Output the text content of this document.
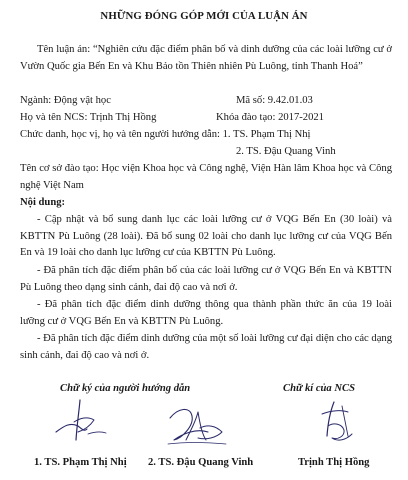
NHỮNG ĐÓNG GÓP MỚI CỦA LUẬN ÁN
Tên luận án: “Nghiên cứu đặc điểm phân bố và dinh dưỡng của các loài lưỡng cư ở Vườn Quốc gia Bến En và Khu Bảo tồn Thiên nhiên Pù Luông, tỉnh Thanh Hoá”
Ngành: Động vật học	Mã số: 9.42.01.03
Họ và tên NCS: Trịnh Thị Hồng	Khóa đào tạo: 2017-2021
Chức danh, học vị, họ và tên người hướng dẫn: 1. TS. Phạm Thị Nhị
2. TS. Đậu Quang Vinh
Tên cơ sở đào tạo: Học viện Khoa học và Công nghệ, Viện Hàn lâm Khoa học và Công nghệ Việt Nam
Nội dung:
- Cập nhật và bổ sung danh lục các loài lưỡng cư ở VQG Bến En (30 loài) và KBTTN Pù Luông (28 loài). Đã bổ sung 02 loài cho danh lục lưỡng cư của VQG Bến En và 19 loài cho danh lục lưỡng cư của KBTTN Pù Luông.
- Đã phân tích đặc điểm phân bố của các loài lưỡng cư ở VQG Bến En và KBTTN Pù Luông theo dạng sinh cảnh, đai độ cao và nơi ở.
- Đã phân tích đặc điểm dinh dưỡng thông qua thành phần thức ăn của 19 loài lưỡng cư ở VQG Bến En và KBTTN Pù Luông.
- Đã phân tích đặc điểm dinh dưỡng của một số loài lưỡng cư đại diện cho các dạng sinh cảnh, đai độ cao và nơi ở.
Chữ ký của người hướng dẫn	Chữ kí của NCS
1. TS. Phạm Thị Nhị 2. TS. Đậu Quang Vinh	Trịnh Thị Hồng
